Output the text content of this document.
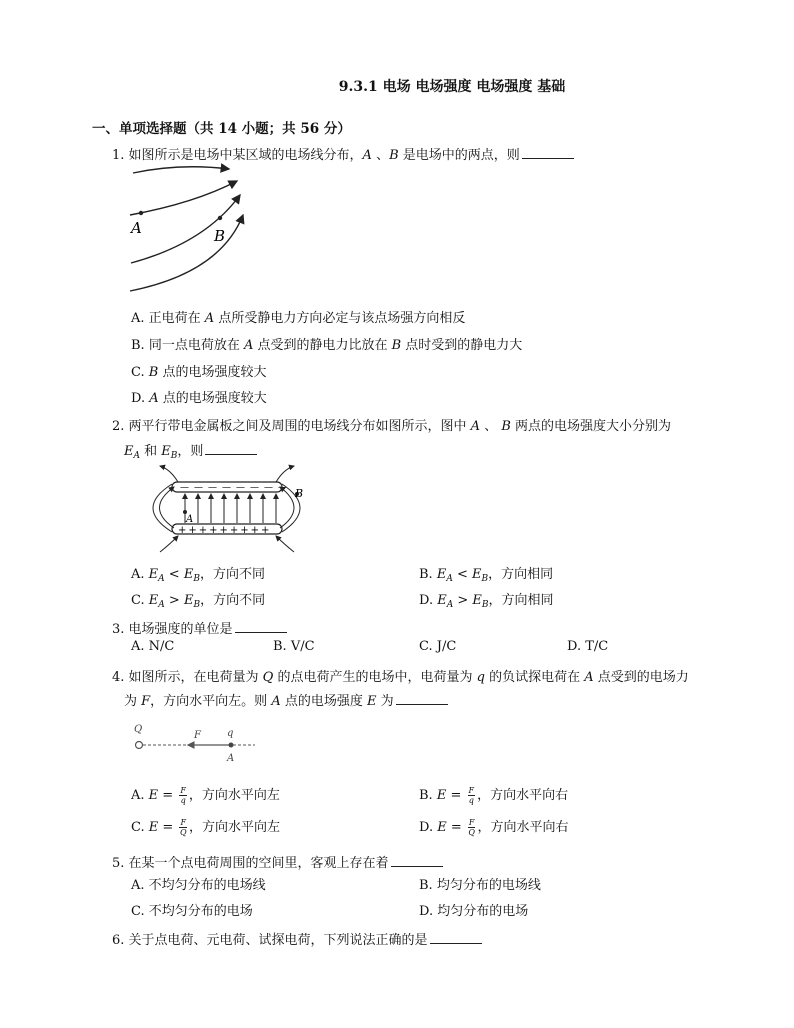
9.3.1 电场 电场强度 电场强度 基础
一、单项选择题（共 14 小题；共 56 分）
1. 如图所示是电场中某区域的电场线分布，A 、B 是电场中的两点，则
A	B
A. 正电荷在 A 点所受静电力方向必定与该点场强方向相反
B. 同一点电荷放在 A 点受到的静电力比放在 B 点时受到的静电力大
C. B 点的电场强度较大
D. A 点的电场强度较大
2. 两平行带电金属板之间及周围的电场线分布如图所示，图中 A 、 B 两点的电场强度大小分别为
$E_A$ 和 $E_B$，则
————————
+++++++++
B
A
A. $E_A < E_B$，方向不同	B. $E_A < E_B$，方向相同
C. $E_A > E_B$，方向不同	D. $E_A > E_B$，方向相同
3. 电场强度的单位是
A. N/C	B. V/C	C. J/C	D. T/C
4. 如图所示，在电荷量为 Q 的点电荷产生的电场中，电荷量为 q 的负试探电荷在 A 点受到的电场力
为 F，方向水平向左。则 A 点的电场强度 E 为
Q
F	q
A
A. $E = \frac{F}{q}$ ，方向水平向左	B. $E = \frac{F}{q}$ ，方向水平向右
C. $E = \frac{F}{Q}$ ，方向水平向左	D. $E = \frac{F}{Q}$ ，方向水平向右
5. 在某一个点电荷周围的空间里，客观上存在着
A. 不均匀分布的电场线	B. 均匀分布的电场线
C. 不均匀分布的电场	D. 均匀分布的电场
6. 关于点电荷、元电荷、试探电荷，下列说法正确的是
